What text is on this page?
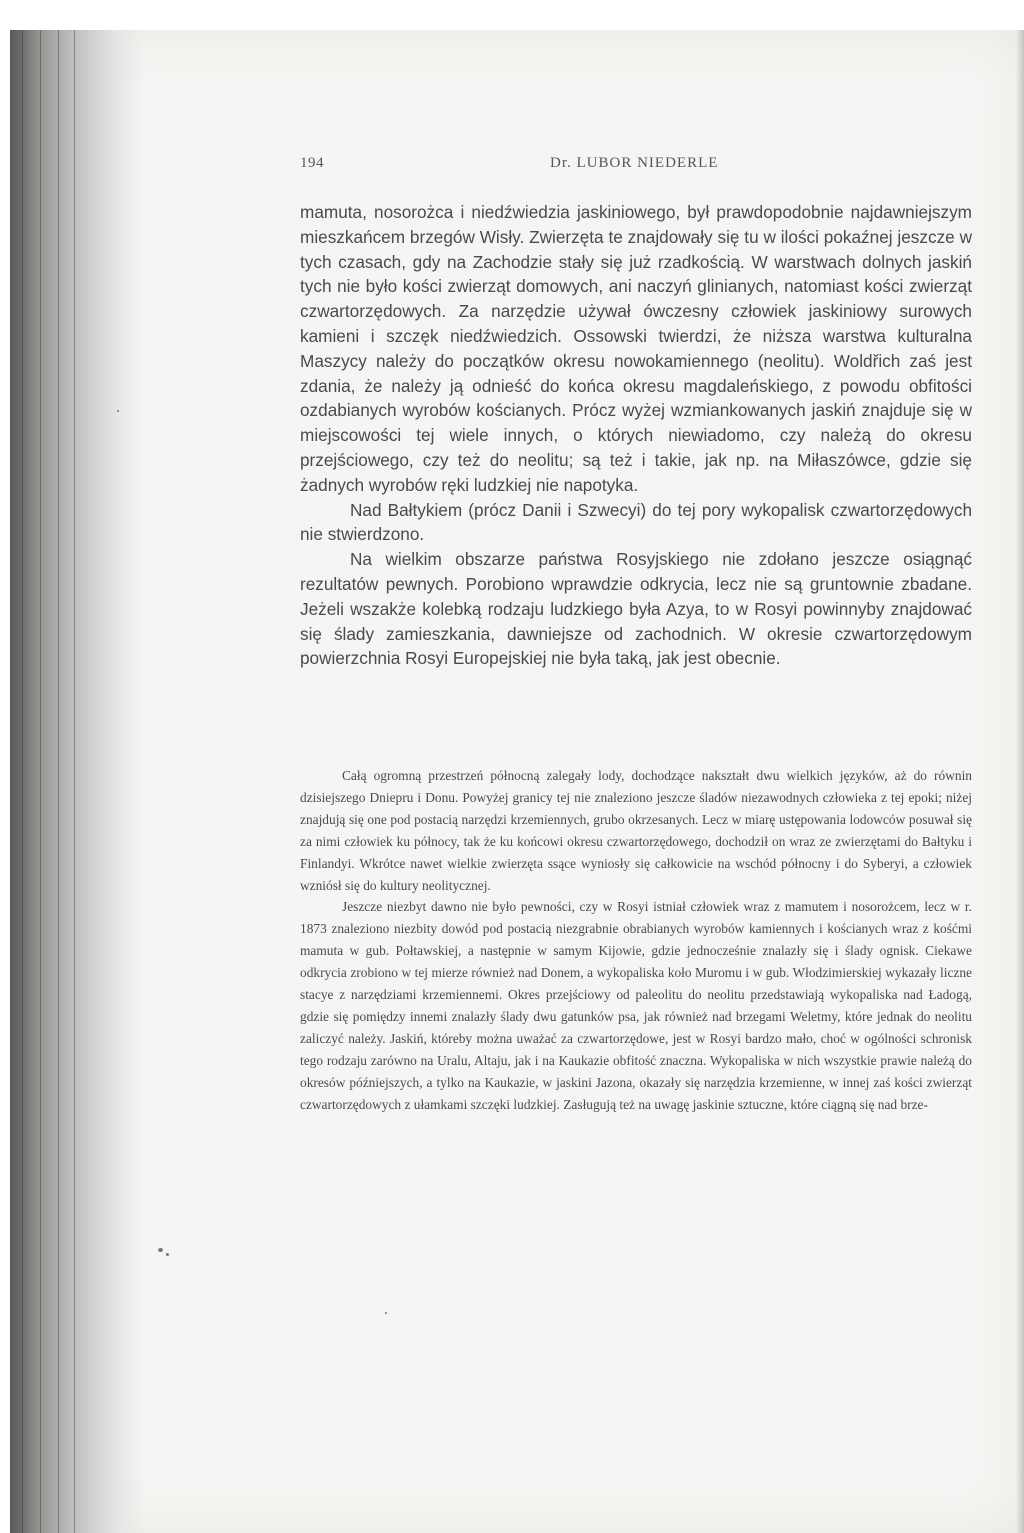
194	Dr. LUBOR NIEDERLE

mamuta, nosorożca i niedźwiedzia jaskiniowego, był prawdopodobnie najdawniejszym mieszkańcem brzegów Wisły. Zwierzęta te znajdowały się tu w ilości pokaźnej jeszcze w tych czasach, gdy na Zachodzie stały się już rzadkością. W warstwach dolnych jaskiń tych nie było kości zwierząt domowych, ani naczyń glinianych, natomiast kości zwierząt czwartorzędowych. Za narzędzie używał ówczesny człowiek jaskiniowy surowych kamieni i szczęk niedźwiedzich. Ossowski twierdzi, że niższa warstwa kulturalna Maszycy należy do początków okresu nowokamiennego (neolitu). Woldřich zaś jest zdania, że należy ją odnieść do końca okresu magdaleńskiego, z powodu obfitości ozdabianych wyrobów kościanych. Prócz wyżej wzmiankowanych jaskiń znajduje się w miejscowości tej wiele innych, o których niewiadomo, czy należą do okresu przejściowego, czy też do neolitu; są też i takie, jak np. na Miłaszówce, gdzie się żadnych wyrobów ręki ludzkiej nie napotyka.

Nad Bałtykiem (prócz Danii i Szwecyi) do tej pory wykopalisk czwartorzędowych nie stwierdzono.

Na wielkim obszarze państwa Rosyjskiego nie zdołano jeszcze osiągnąć rezultatów pewnych. Porobiono wprawdzie odkrycia, lecz nie są gruntownie zbadane. Jeżeli wszakże kolebką rodzaju ludzkiego była Azya, to w Rosyi powinnyby znajdować się ślady zamieszkania, dawniejsze od zachodnich. W okresie czwartorzędowym powierzchnia Rosyi Europejskiej nie była taką, jak jest obecnie.

Całą ogromną przestrzeń północną zalegały lody, dochodzące nakształt dwu wielkich języków, aż do równin dzisiejszego Dniepru i Donu. Powyżej granicy tej nie znaleziono jeszcze śladów niezawodnych człowieka z tej epoki; niżej znajdują się one pod postacią narzędzi krzemiennych, grubo okrzesanych. Lecz w miarę ustępowania lodowców posuwał się za nimi człowiek ku północy, tak że ku końcowi okresu czwartorzędowego, dochodził on wraz ze zwierzętami do Bałtyku i Finlandyi. Wkrótce nawet wielkie zwierzęta ssące wyniosły się całkowicie na wschód północny i do Syberyi, a człowiek wzniósł się do kultury neolitycznej.

Jeszcze niezbyt dawno nie było pewności, czy w Rosyi istniał człowiek wraz z mamutem i nosorożcem, lecz w r. 1873 znaleziono niezbity dowód pod postacią niezgrabnie obrabianych wyrobów kamiennych i kościanych wraz z kośćmi mamuta w gub. Połtawskiej, a następnie w samym Kijowie, gdzie jednocześnie znalazły się i ślady ognisk. Ciekawe odkrycia zrobiono w tej mierze również nad Donem, a wykopaliska koło Muromu i w gub. Włodzimierskiej wykazały liczne stacye z narzędziami krzemiennemi. Okres przejściowy od paleolitu do neolitu przedstawiają wykopaliska nad Ładogą, gdzie się pomiędzy innemi znalazły ślady dwu gatunków psa, jak również nad brzegami Weletmy, które jednak do neolitu zaliczyć należy. Jaskiń, któreby można uważać za czwartorzędowe, jest w Rosyi bardzo mało, choć w ogólności schronisk tego rodzaju zarówno na Uralu, Altaju, jak i na Kaukazie obfitość znaczna. Wykopaliska w nich wszystkie prawie należą do okresów późniejszych, a tylko na Kaukazie, w jaskini Jazona, okazały się narzędzia krzemienne, w innej zaś kości zwierząt czwartorzędowych z ułamkami szczęki ludzkiej. Zasługują też na uwagę jaskinie sztuczne, które ciągną się nad brze-
